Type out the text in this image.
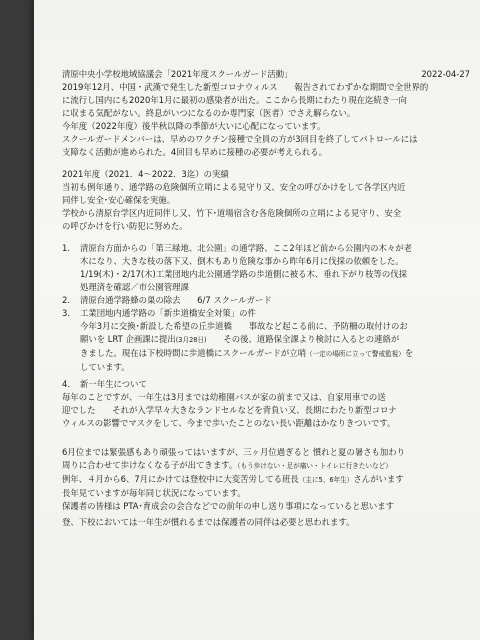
清原中央小学校地域協議会「2021年度スクールガード活動」	2022-04-27
2019年12月、中国・武漢で発生した新型コロナウィルス　　報告されてわずかな期間で全世界的
に流行し国内にも2020年1月に最初の感染者が出た。ここから長期にわたり現在迄続き一向
に収まる気配がない。終息がいつになるのか専門家（医者）でさえ解らない。
今年度（2022年度）後半秋以降の季節が大いに心配になっています。
スクールガードメンバーは、早めのワクチン接種で全員の方が3回目を終了してパトロールには
支障なく活動が進められた。4回目も早めに接種の必要が考えられる。
2021年度（2021．4〜2022．3迄）の実績
当初も例年通り、通学路の危険個所立哨による見守り又、安全の呼びかけをして各学区内近
同伴し安全･安心確保を実施。
学校から清原台学区内近同伴し又、竹下･道場宿含む各危険個所の立哨による見守り、安全
の呼びかけを行い防犯に努めた。
1.	清原台方面からの「第三緑地、北公園」の通学路、ここ2年ほど前から公園内の木々が老
木になり、大きな枝の落下又、倒木もあり危険な事から昨年6月に伐採の依頼をした。
1/19(木)・2/17(木)工業団地内北公園通学路の歩道側に被る木、垂れ下がり枝等の伐採
処理済を確認／市公園管理課
2.	清原台通学路蜂の巣の除去 6/7 スクールガード
3.	工業団地内通学路の「新歩道橋安全対策」の件
今年3月に交換･新設した希望の丘歩道橋　　事故など起こる前に、予防柵の取付けのお
願いを LRT 企画課に提出(3月28日)　　その後、道路保全課より検討に入るとの連絡が
きました。現在は下校時間に歩道橋にスクールガードが立哨（一定の場所に立って警戒監視）を
しています。
4.	新一年生について
毎年のことですが、一年生は3月までは幼稚園バスが家の前まで又は、自家用車での送
迎でした　　それが入学早々大きなランドセルなどを背負い又、長期にわたり新型コロナ
ウィルスの影響でマスクをして、今まで歩いたことのない長い距離はかなりきついです。
6月位までは緊張感もあり頑張ってはいますが、三ヶ月位過ぎると 慣れと夏の暑さも加わり
周りに合わせて歩けなくなる子が出てきます。（もう歩けない・足が痛い・トイレに行きたいなど）
例年、４月から6、7月にかけては登校中に大変苦労してる班長（主に5、6年生）さんがいます
長年見ていますが毎年同じ状況になっています。
保護者の皆様は PTA･育成会の会合などでの前年の申し送り事項になっていると思います
登、下校においては一年生が慣れるまでは保護者の同伴は必要と思われます。
